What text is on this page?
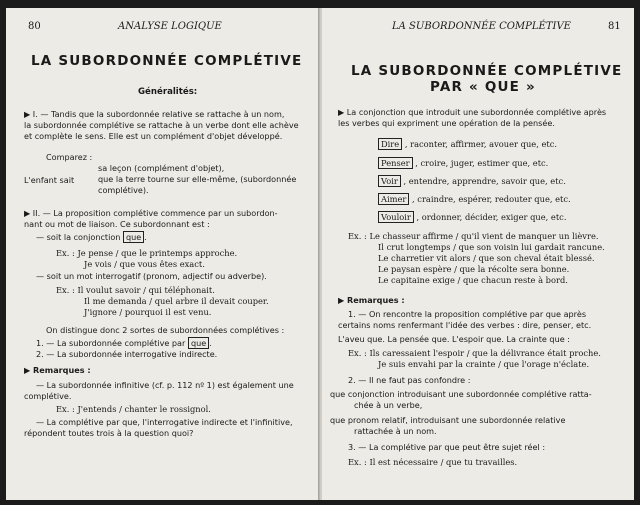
80	ANALYSE LOGIQUE
LA SUBORDONNÉE COMPLÉTIVE
Généralités:
▶ I. — Tandis que la subordonnée relative se rattache à un nom,
la subordonnée complétive se rattache à un verbe dont elle achève
et complète le sens. Elle est un complément d'objet développé.
Comparez :
L'enfant sait
sa leçon (complément d'objet),
que la terre tourne sur elle-même, (subordonnée
complétive).
▶ II. — La proposition complétive commence par un subordon-
nant ou mot de liaison. Ce subordonnant est :
— soit la conjonction que .
Ex. : Je pense / que le printemps approche.
Je vois / que vous êtes exact.
— soit un mot interrogatif (pronom, adjectif ou adverbe).
Ex. : Il voulut savoir / qui téléphonait.
Il me demanda / quel arbre il devait couper.
J'ignore / pourquoi il est venu.
On distingue donc 2 sortes de subordonnées complétives :
1. — La subordonnée complétive par que .
2. — La subordonnée interrogative indirecte.
▶ Remarques :
— La subordonnée infinitive (cf. p. 112 nº 1) est également une
complétive.
Ex. : J'entends / chanter le rossignol.
— La complétive par que, l'interrogative indirecte et l'infinitive,
répondent toutes trois à la question quoi?
LA SUBORDONNÉE COMPLÉTIVE	81
LA SUBORDONNÉE COMPLÉTIVE
PAR « QUE »
▶ La conjonction que introduit une subordonnée complétive après
les verbes qui expriment une opération de la pensée.
Dire , raconter, affirmer, avouer que, etc.
Penser , croire, juger, estimer que, etc.
Voir , entendre, apprendre, savoir que, etc.
Aimer , craindre, espérer, redouter que, etc.
Vouloir , ordonner, décider, exiger que, etc.
Ex. : Le chasseur affirme / qu'il vient de manquer un lièvre.
Il crut longtemps / que son voisin lui gardait rancune.
Le charretier vit alors / que son cheval était blessé.
Le paysan espère / que la récolte sera bonne.
Le capitaine exige / que chacun reste à bord.
▶ Remarques :
1. — On rencontre la proposition complétive par que après
certains noms renfermant l'idée des verbes : dire, penser, etc.
L'aveu que. La pensée que. L'espoir que. La crainte que :
Ex. : Ils caressaient l'espoir / que la délivrance était proche.
Je suis envahi par la crainte / que l'orage n'éclate.
2. — Il ne faut pas confondre :
que conjonction introduisant une subordonnée complétive ratta-
chée à un verbe,
que pronom relatif, introduisant une subordonnée relative
rattachée à un nom.
3. — La complétive par que peut être sujet réel :
Ex. : Il est nécessaire / que tu travailles.
